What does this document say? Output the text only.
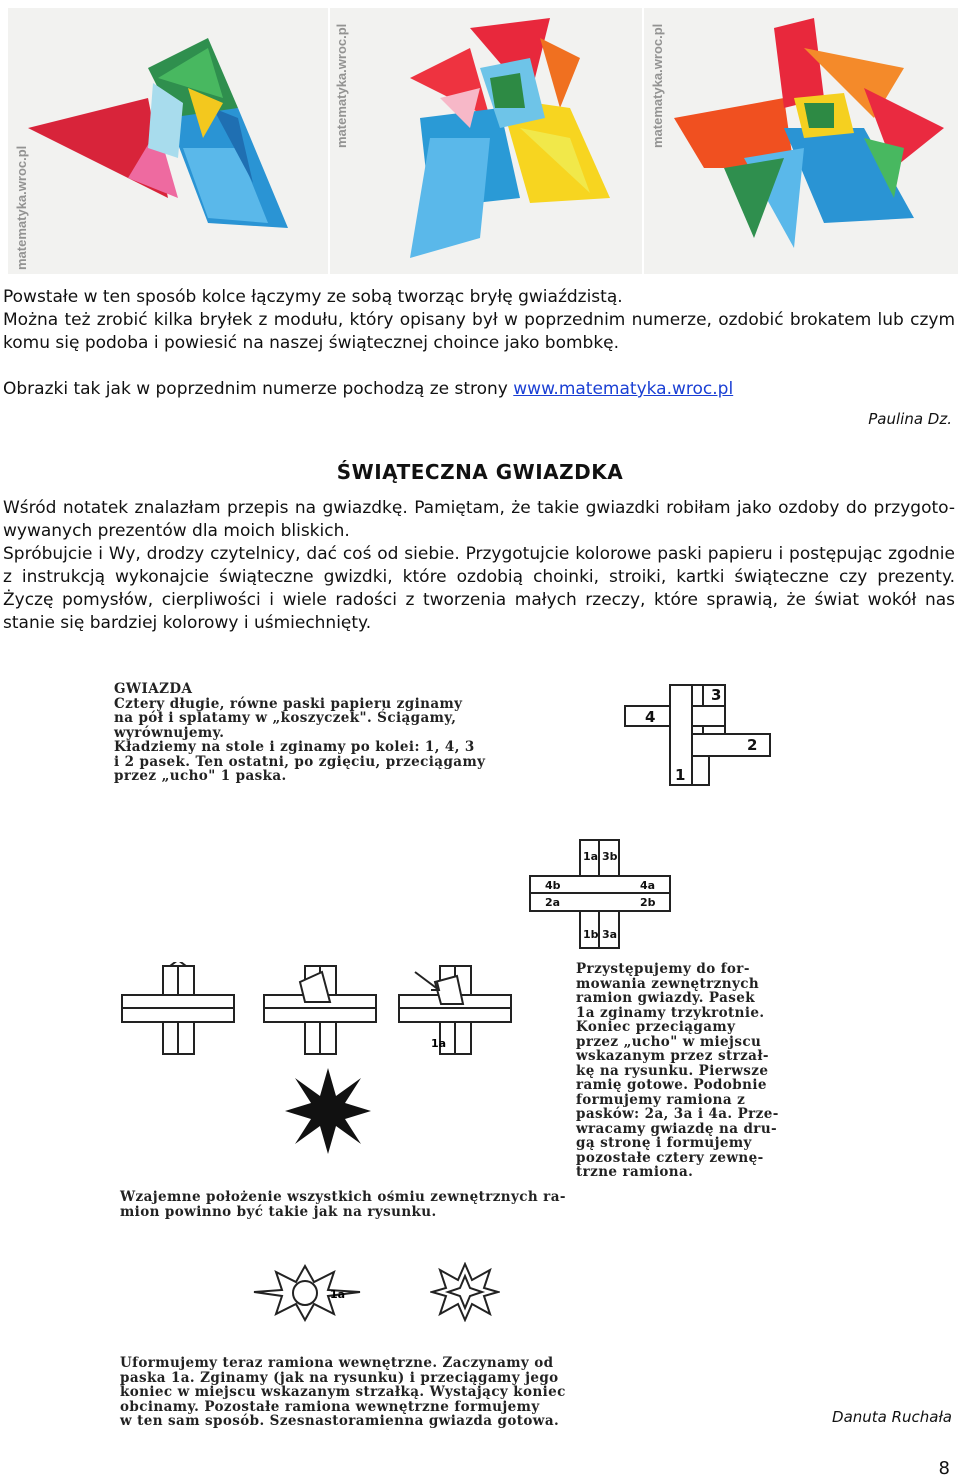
matematyka.wroc.pl
matematyka.wroc.pl	matematyka.wroc.pl
Powstałe w ten sposób kolce łączymy ze sobą tworząc bryłę gwiaździstą.
Można też zrobić kilka bryłek z modułu, który opisany był w poprzednim numerze, ozdobić brokatem lub czym komu się podoba i powiesić na naszej świątecznej choince jako bombkę.
Obrazki tak jak w poprzednim numerze pochodzą ze strony www.matematyka.wroc.pl
Paulina Dz.
ŚWIĄTECZNA GWIAZDKA
Wśród notatek znalazłam przepis na gwiazdkę. Pamiętam, że takie gwiazdki robiłam jako ozdoby do przygoto-wywanych prezentów dla moich bliskich.
Spróbujcie i Wy, drodzy czytelnicy, dać coś od siebie. Przygotujcie kolorowe paski papieru i postępując zgodnie z instrukcją wykonajcie świąteczne gwizdki, które ozdobią choinki, stroiki, kartki świąteczne czy prezenty. Życzę pomysłów, cierpliwości i wiele radości z tworzenia małych rzeczy, które sprawią, że świat wokół nas stanie się bardziej kolorowy i uśmiechnięty.
GWIAZDA
Cztery długie, równe paski papieru zginamy
na pół i splatamy w „koszyczek". Ściągamy,
wyrównujemy.
Kładziemy na stole i zginamy po kolei: 1, 4, 3
i 2 pasek. Ten ostatni, po zgięciu, przeciągamy
przez „ucho" 1 paska.	1
2
3
4
1a 3b
4b	4a
2a	2b
1b 3a
1a
Przystępujemy do for-
mowania zewnętrznych
ramion gwiazdy. Pasek
1a zginamy trzykrotnie.
Koniec przeciągamy
przez „ucho" w miejscu
wskazanym przez strzał-
kę na rysunku. Pierwsze
ramię gotowe. Podobnie
formujemy ramiona z
pasków: 2a, 3a i 4a. Prze-
wracamy gwiazdę na dru-
gą stronę i formujemy
pozostałe cztery zewnę-
trzne ramiona.
Wzajemne położenie wszystkich ośmiu zewnętrznych ra-
mion powinno być takie jak na rysunku.
1a
Uformujemy teraz ramiona wewnętrzne. Zaczynamy od
paska 1a. Zginamy (jak na rysunku) i przeciągamy jego
koniec w miejscu wskazanym strzałką. Wystający koniec
obcinamy. Pozostałe ramiona wewnętrzne formujemy
w ten sam sposób. Szesnastoramienna gwiazda gotowa.	Danuta Ruchała
8
